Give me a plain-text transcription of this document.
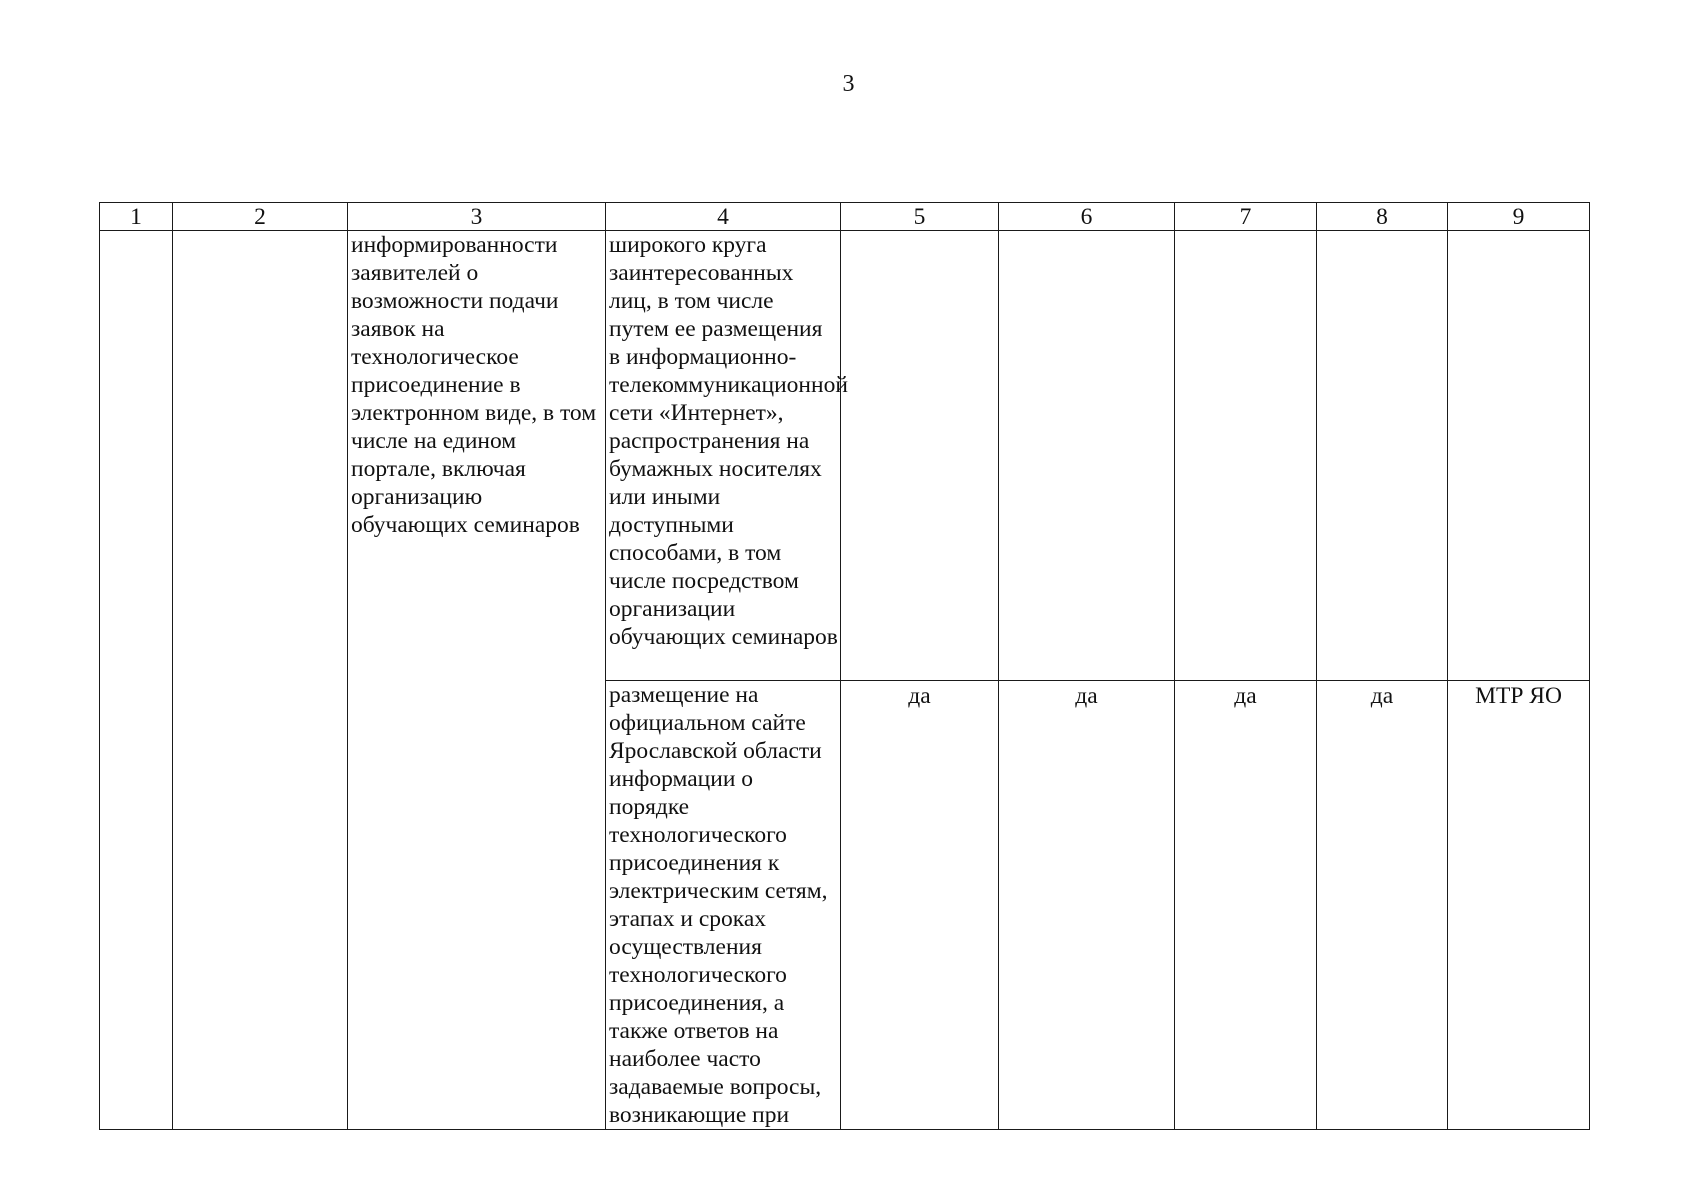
3
1	2	3	4	5	6	7	8	9

		информированности заявителей о возможности подачи заявок на технологическое присоединение в электронном виде, в том числе на едином портале, включая организацию обучающих семинаров	широкого круга заинтересованных лиц, в том числе путем ее размещения в информационно-телекоммуникационной сети «Интернет», распространения на бумажных носителях или иными доступными способами, в том числе посредством организации обучающих семинаров					

			размещение на официальном сайте Ярославской области информации о порядке технологического присоединения к электрическим сетям, этапах и сроках осуществления технологического присоединения, а также ответов на наиболее часто задаваемые вопросы, возникающие при	да	да	да	да	МТР ЯО
